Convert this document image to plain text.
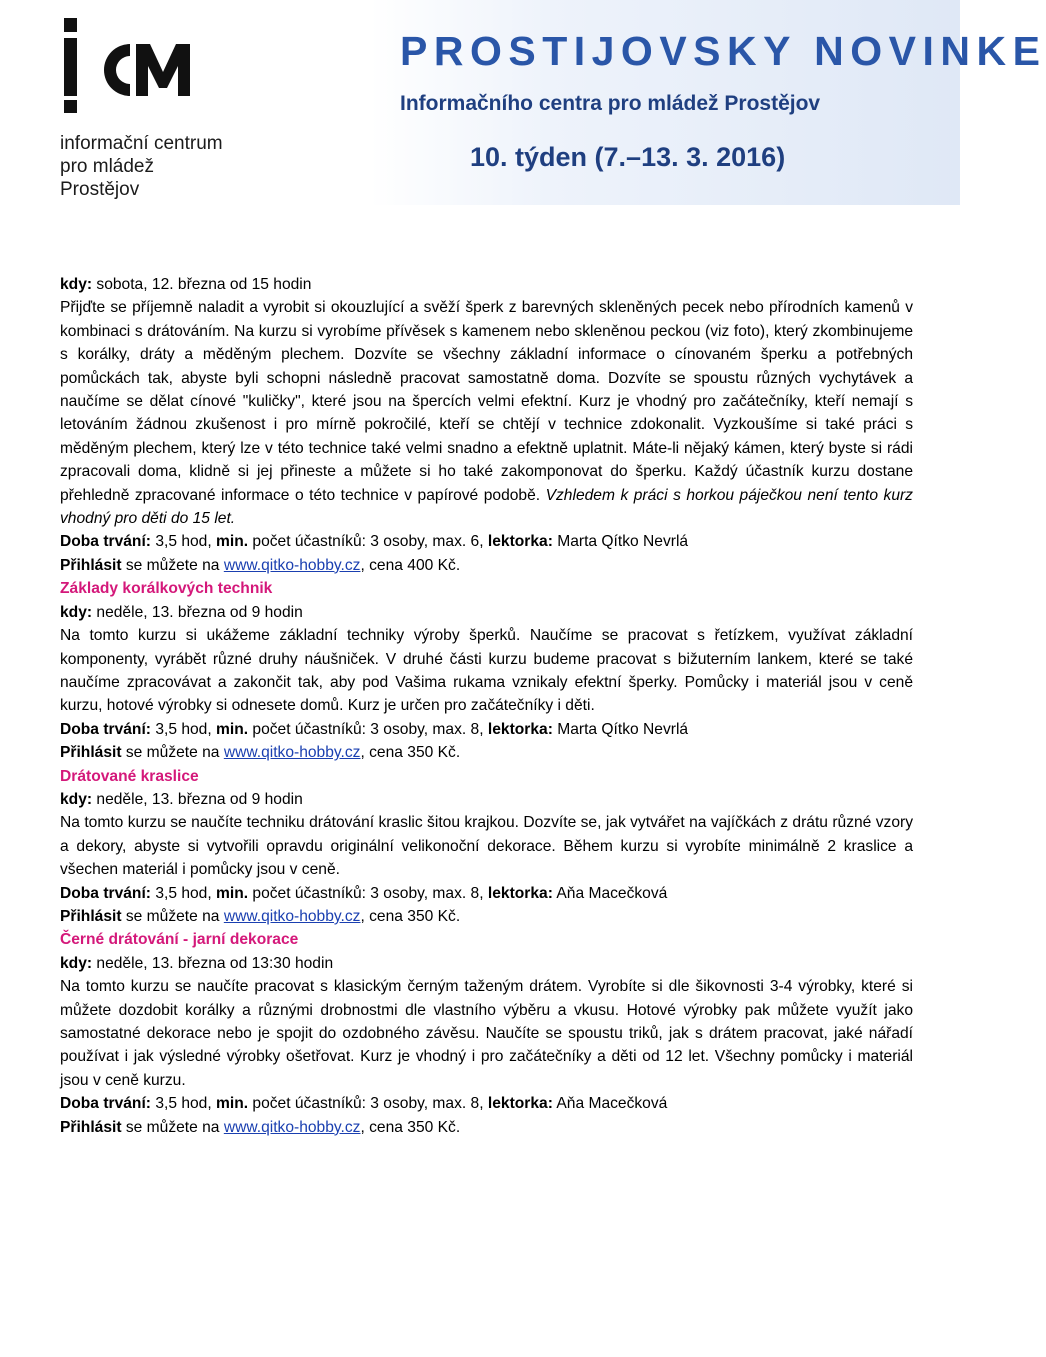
informační centrum
pro mládež
Prostějov
PROSTIJOVSKY NOVINKE
Informačního centra pro mládež Prostějov
10. týden (7.–13. 3. 2016)

kdy: sobota, 12. března od 15 hodin

Přijďte se příjemně naladit a vyrobit si okouzlující a svěží šperk z barevných skleněných pecek nebo přírodních kamenů v kombinaci s drátováním. Na kurzu si vyrobíme přívěsek s kamenem nebo skleněnou peckou (viz foto), který zkombinujeme s korálky, dráty a měděným plechem. Dozvíte se všechny základní informace o cínovaném šperku a potřebných pomůckách tak, abyste byli schopni následně pracovat samostatně doma. Dozvíte se spoustu různých vychytávek a naučíme se dělat cínové "kuličky", které jsou na špercích velmi efektní. Kurz je vhodný pro začátečníky, kteří nemají s letováním žádnou zkušenost i pro mírně pokročilé, kteří se chtějí v technice zdokonalit. Vyzkoušíme si také práci s měděným plechem, který lze v této technice také velmi snadno a efektně uplatnit. Máte-li nějaký kámen, který byste si rádi zpracovali doma, klidně si jej přineste a můžete si ho také zakomponovat do šperku. Každý účastník kurzu dostane přehledně zpracované informace o této technice v papírové podobě. Vzhledem k práci s horkou páječkou není tento kurz vhodný pro děti do 15 let.

Doba trvání: 3,5 hod, min. počet účastníků: 3 osoby, max. 6, lektorka: Marta Qítko Nevrlá

Přihlásit se můžete na www.qitko-hobby.cz, cena 400 Kč.

Základy korálkových technik

kdy: neděle, 13. března od 9 hodin

Na tomto kurzu si ukážeme základní techniky výroby šperků. Naučíme se pracovat s řetízkem, využívat základní komponenty, vyrábět různé druhy náušniček. V druhé části kurzu budeme pracovat s bižuterním lankem, které se také naučíme zpracovávat a zakončit tak, aby pod Vašima rukama vznikaly efektní šperky. Pomůcky i materiál jsou v ceně kurzu, hotové výrobky si odnesete domů. Kurz je určen pro začátečníky i děti.

Doba trvání: 3,5 hod, min. počet účastníků: 3 osoby, max. 8, lektorka: Marta Qítko Nevrlá

Přihlásit se můžete na www.qitko-hobby.cz, cena 350 Kč.

Drátované kraslice

kdy: neděle, 13. března od 9 hodin

Na tomto kurzu se naučíte techniku drátování kraslic šitou krajkou. Dozvíte se, jak vytvářet na vajíčkách z drátu různé vzory a dekory, abyste si vytvořili opravdu originální velikonoční dekorace. Během kurzu si vyrobíte minimálně 2 kraslice a všechen materiál i pomůcky jsou v ceně.

Doba trvání: 3,5 hod, min. počet účastníků: 3 osoby, max. 8, lektorka: Aňa Macečková

Přihlásit se můžete na www.qitko-hobby.cz, cena 350 Kč.

Černé drátování - jarní dekorace

kdy: neděle, 13. března od 13:30 hodin

Na tomto kurzu se naučíte pracovat s klasickým černým taženým drátem. Vyrobíte si dle šikovnosti 3-4 výrobky, které si můžete dozdobit korálky a různými drobnostmi dle vlastního výběru a vkusu. Hotové výrobky pak můžete využít jako samostatné dekorace nebo je spojit do ozdobného závěsu. Naučíte se spoustu triků, jak s drátem pracovat, jaké nářadí používat i jak výsledné výrobky ošetřovat. Kurz je vhodný i pro začátečníky a děti od 12 let. Všechny pomůcky i materiál jsou v ceně kurzu.

Doba trvání: 3,5 hod, min. počet účastníků: 3 osoby, max. 8, lektorka: Aňa Macečková

Přihlásit se můžete na www.qitko-hobby.cz, cena 350 Kč.
